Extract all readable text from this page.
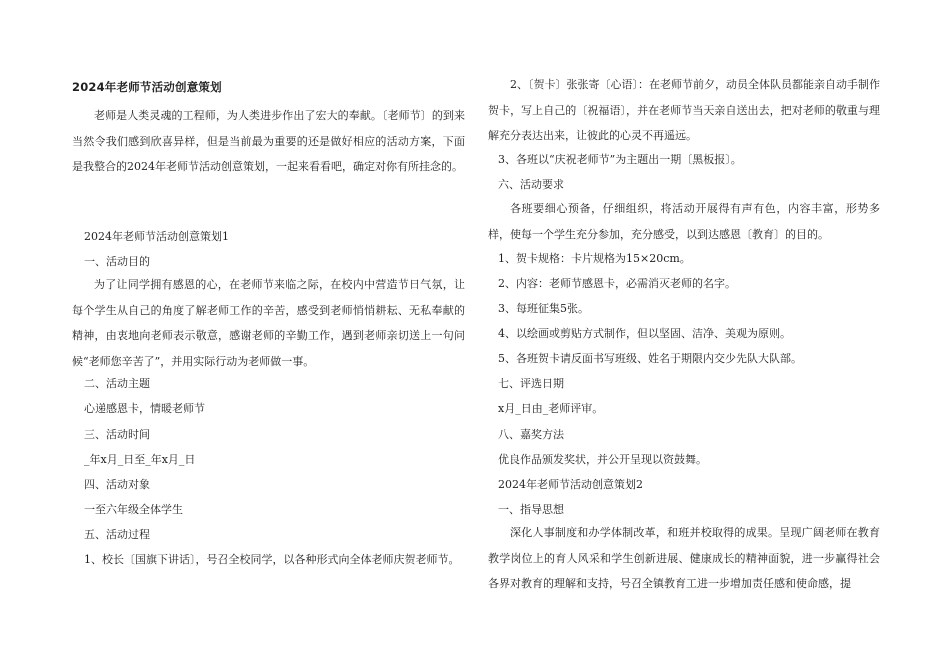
2024年老师节活动创意策划
老师是人类灵魂的工程师，为人类进步作出了宏大的奉献。〔老师节〕的到来当然令我们感到欣喜异样，但是当前最为重要的还是做好相应的活动方案，下面是我整合的2024年老师节活动创意策划，一起来看看吧，确定对你有所挂念的。
2024年老师节活动创意策划1
一、活动目的
为了让同学拥有感恩的心，在老师节来临之际，在校内中营造节日气氛，让每个学生从自己的角度了解老师工作的辛苦，感受到老师悄悄耕耘、无私奉献的精神，由衷地向老师表示敬意，感谢老师的辛勤工作，遇到老师亲切送上一句问候“老师您辛苦了”，并用实际行动为老师做一事。
二、活动主题
心递感恩卡，情暖老师节
三、活动时间
_年x月_日至_年x月_日
四、活动对象
一至六年级全体学生
五、活动过程
1、校长〔国旗下讲话〕，号召全校同学，以各种形式向全体老师庆贺老师节。
2、〔贺卡〕张张寄〔心语〕：在老师节前夕，动员全体队员都能亲自动手制作贺卡，写上自己的〔祝福语〕，并在老师节当天亲自送出去，把对老师的敬重与理解充分表达出来，让彼此的心灵不再遥远。
3、各班以“庆祝老师节”为主题出一期〔黑板报〕。
六、活动要求
各班要细心预备，仔细组织，将活动开展得有声有色，内容丰富，形势多样，使每一个学生充分参加，充分感受，以到达感恩〔教育〕的目的。
1、贺卡规格：卡片规格为15×20cm。
2、内容：老师节感恩卡，必需消灭老师的名字。
3、每班征集5张。
4、以绘画或剪贴方式制作，但以坚固、洁净、美观为原则。
5、各班贺卡请反面书写班级、姓名于期限内交少先队大队部。
七、评选日期
x月_日由_老师评审。
八、嘉奖方法
优良作品颁发奖状，并公开呈现以资鼓舞。
2024年老师节活动创意策划2
一、指导思想
深化人事制度和办学体制改革，和班并校取得的成果。呈现广阔老师在教育教学岗位上的育人风采和学生创新进展、健康成长的精神面貌，进一步赢得社会各界对教育的理解和支持，号召全镇教育工进一步增加责任感和使命感，提
